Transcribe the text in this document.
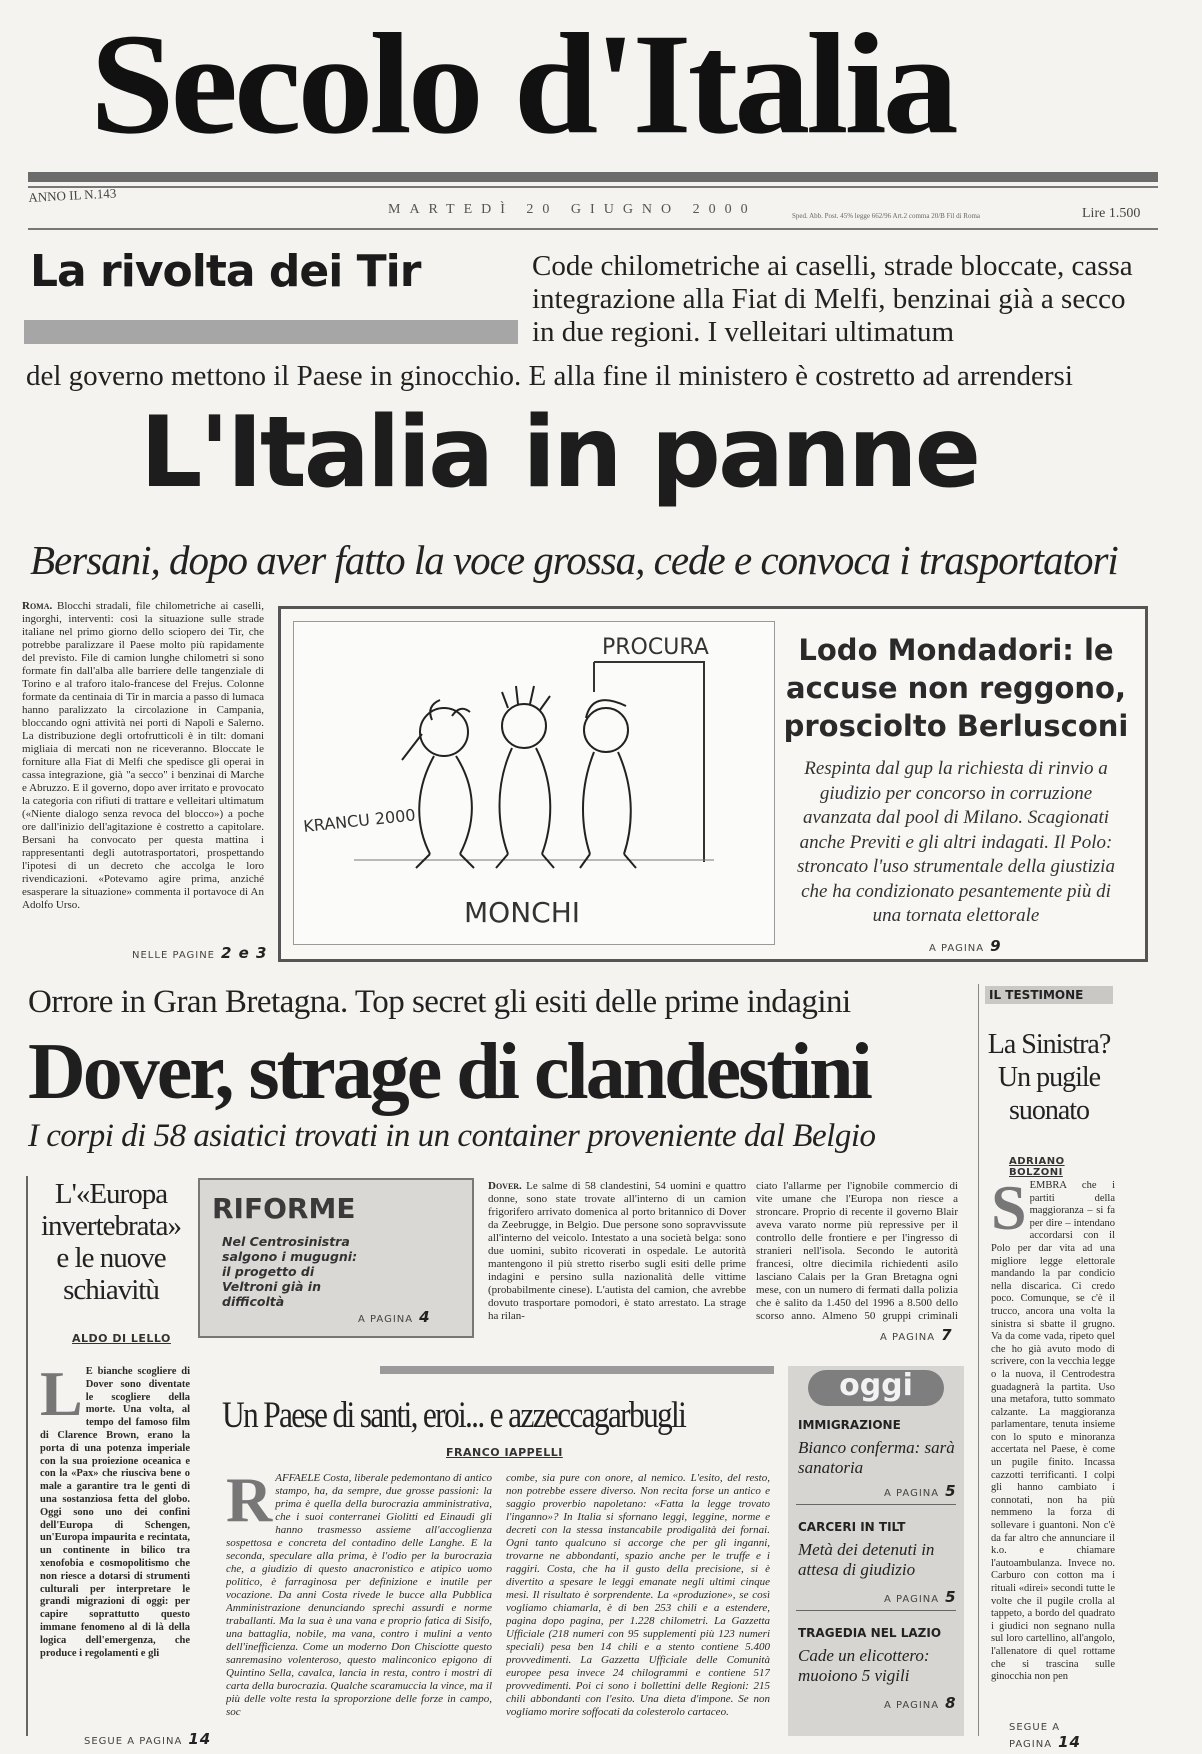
Secolo d'Italia
ANNO IL N.143
MARTEDÌ 20 GIUGNO 2000	Sped. Abb. Post. 45% legge 662/96 Art.2 comma 20/B Fil di Roma	Lire 1.500
La rivolta dei Tir	Code chilometriche ai caselli, strade bloccate, cassa integrazione alla Fiat di Melfi, benzinai già a secco in due regioni. I velleitari ultimatum
del governo mettono il Paese in ginocchio. E alla fine il ministero è costretto ad arrendersi
L'Italia in panne
Bersani, dopo aver fatto la voce grossa, cede e convoca i trasportatori
Roma. Blocchi stradali, file chilometriche ai caselli, ingorghi, interventi: così la situazione sulle strade italiane nel primo giorno dello sciopero dei Tir, che potrebbe paralizzare il Paese molto più rapidamente del previsto. File di camion lunghe chilometri si sono formate fin dall'alba alle barriere delle tangenziale di Torino e al traforo italo-francese del Frejus. Colonne formate da centinaia di Tir in marcia a passo di lumaca hanno paralizzato la circolazione in Campania, bloccando ogni attività nei porti di Napoli e Salerno. La distribuzione degli ortofrutticoli è in tilt: domani migliaia di mercati non ne riceveranno. Bloccate le forniture alla Fiat di Melfi che spedisce gli operai in cassa integrazione, già "a secco" i benzinai di Marche e Abruzzo. E il governo, dopo aver irritato e provocato la categoria con rifiuti di trattare e velleitari ultimatum («Niente dialogo senza revoca del blocco») a poche ore dall'inizio dell'agitazione è costretto a capitolare. Bersani ha convocato per questa mattina i rappresentanti degli autotrasportatori, prospettando l'ipotesi di un decreto che accolga le loro rivendicazioni. «Potevamo agire prima, anziché esasperare la situazione» commenta il portavoce di An Adolfo Urso.
NELLE PAGINE 2 e 3
PROCURA
KRANCU 2000
MONCHI
Lodo Mondadori: le accuse non reggono, prosciolto Berlusconi
Respinta dal gup la richiesta di rinvio a giudizio per concorso in corruzione avanzata dal pool di Milano. Scagionati anche Previti e gli altri indagati. Il Polo: stroncato l'uso strumentale della giustizia che ha condizionato pesantemente più di una tornata elettorale
A PAGINA 9
Orrore in Gran Bretagna. Top secret gli esiti delle prime indagini
Dover, strage di clandestini
I corpi di 58 asiatici trovati in un container proveniente dal Belgio
Dover. Le salme di 58 clandestini, 54 uomini e quattro donne, sono state trovate all'interno di un camion frigorifero arrivato domenica al porto britannico di Dover da Zeebrugge, in Belgio. Due persone sono sopravvissute all'interno del veicolo. Intestato a una società belga: sono due uomini, subito ricoverati in ospedale. Le autorità mantengono il più stretto riserbo sugli esiti delle prime indagini e persino sulla nazionalità delle vittime (probabilmente cinese). L'autista del camion, che avrebbe dovuto trasportare pomodori, è stato arrestato. La strage ha rilan-
ciato l'allarme per l'ignobile commercio di vite umane che l'Europa non riesce a stroncare. Proprio di recente il governo Blair aveva varato norme più repressive per il controllo delle frontiere e per l'ingresso di stranieri nell'isola. Secondo le autorità francesi, oltre diecimila richiedenti asilo lasciano Calais per la Gran Bretagna ogni mese, con un numero di fermati dalla polizia che è salito da 1.450 del 1996 a 8.500 dello scorso anno. Almeno 50 gruppi criminali
A PAGINA 7
L'«Europa invertebrata» e le nuove schiavitù
ALDO DI LELLO
L E bianche scogliere di Dover sono diventate le scogliere della morte. Una volta, al tempo del famoso film di Clarence Brown, erano la porta di una potenza imperiale con la sua proiezione oceanica e con la «Pax» che riusciva bene o male a garantire tra le genti di una sostanziosa fetta del globo. Oggi sono uno dei confini dell'Europa di Schengen, un'Europa impaurita e recintata, un continente in bilico tra xenofobia e cosmopolitismo che non riesce a dotarsi di strumenti culturali per interpretare le grandi migrazioni di oggi: per capire soprattutto questo immane fenomeno al di là della logica dell'emergenza, che produce i regolamenti e gli
SEGUE A PAGINA 14
RIFORME
Nel Centrosinistra salgono i mugugni: il progetto di Veltroni già in difficoltà
A PAGINA 4
Un Paese di santi, eroi... e azzeccagarbugli
FRANCO IAPPELLI
R AFFAELE Costa, liberale pedemontano di antico stampo, ha, da sempre, due grosse passioni: la prima è quella della burocrazia amministrativa, che i suoi conterranei Giolitti ed Einaudi gli hanno trasmesso assieme all'accoglienza sospettosa e concreta del contadino delle Langhe. E la seconda, speculare alla prima, è l'odio per la burocrazia che, a giudizio di questo anacronistico e atipico uomo politico, è farraginosa per definizione e inutile per vocazione. Da anni Costa rivede le bucce alla Pubblica Amministrazione denunciando sprechi assurdi e norme traballanti. Ma la sua è una vana e proprio fatica di Sisifo, una battaglia, nobile, ma vana, contro i mulini a vento dell'inefficienza. Come un moderno Don Chisciotte questo sanremasino volenteroso, questo malinconico epigono di Quintino Sella, cavalca, lancia in resta, contro i mostri di carta della burocrazia. Qualche scaramuccia la vince, ma il più delle volte resta la sproporzione delle forze in campo, soc
combe, sia pure con onore, al nemico. L'esito, del resto, non potrebbe essere diverso. Non recita forse un antico e saggio proverbio napoletano: «Fatta la legge trovato l'inganno»? In Italia si sfornano leggi, leggine, norme e decreti con la stessa instancabile prodigalità dei fornai. Ogni tanto qualcuno si accorge che per gli inganni, trovarne ne abbondanti, spazio anche per le truffe e i raggiri. Costa, che ha il gusto della precisione, si è divertito a spesare le leggi emanate negli ultimi cinque mesi. Il risultato è sorprendente. La «produzione», se così vogliamo chiamarla, è di ben 253 chili e a estendere, pagina dopo pagina, per 1.228 chilometri. La Gazzetta Ufficiale (218 numeri con 95 supplementi più 123 numeri speciali) pesa ben 14 chili e a stento contiene 5.400 provvedimenti. La Gazzetta Ufficiale delle Comunità europee pesa invece 24 chilogrammi e contiene 517 provvedimenti. Poi ci sono i bollettini delle Regioni: 215 chili abbondanti con l'esito. Una dieta d'impone. Se non vogliamo morire soffocati da colesterolo cartaceo.
oggi
IMMIGRAZIONE
Bianco conferma: sarà sanatoria
A PAGINA 5
CARCERI IN TILT
Metà dei detenuti in attesa di giudizio
A PAGINA 5
TRAGEDIA NEL LAZIO
Cade un elicottero: muoiono 5 vigili
A PAGINA 8
IL TESTIMONE
La Sinistra? Un pugile suonato
ADRIANO BOLZONI
S EMBRA che i partiti della maggioranza – si fa per dire – intendano accordarsi con il Polo per dar vita ad una migliore legge elettorale mandando la par condicio nella discarica. Ci credo poco. Comunque, se c'è il trucco, ancora una volta la sinistra si sbatte il grugno. Va da come vada, ripeto quel che ho già avuto modo di scrivere, con la vecchia legge o la nuova, il Centrodestra guadagnerà la partita. Uso una metafora, tutto sommato calzante. La maggioranza parlamentare, tenuta insieme con lo sputo e minoranza accertata nel Paese, è come un pugile finito. Incassa cazzotti terrificanti. I colpi gli hanno cambiato i connotati, non ha più nemmeno la forza di sollevare i guantoni. Non c'è da far altro che annunciare il k.o. e chiamare l'autoambulanza. Invece no. Carburo con cotton ma i rituali «direi» secondi tutte le volte che il pugile crolla al tappeto, a bordo del quadrato i giudici non segnano nulla sul loro cartellino, all'angolo, l'allenatore di quel rottame che si trascina sulle ginocchia non pen
SEGUE A PAGINA 14
